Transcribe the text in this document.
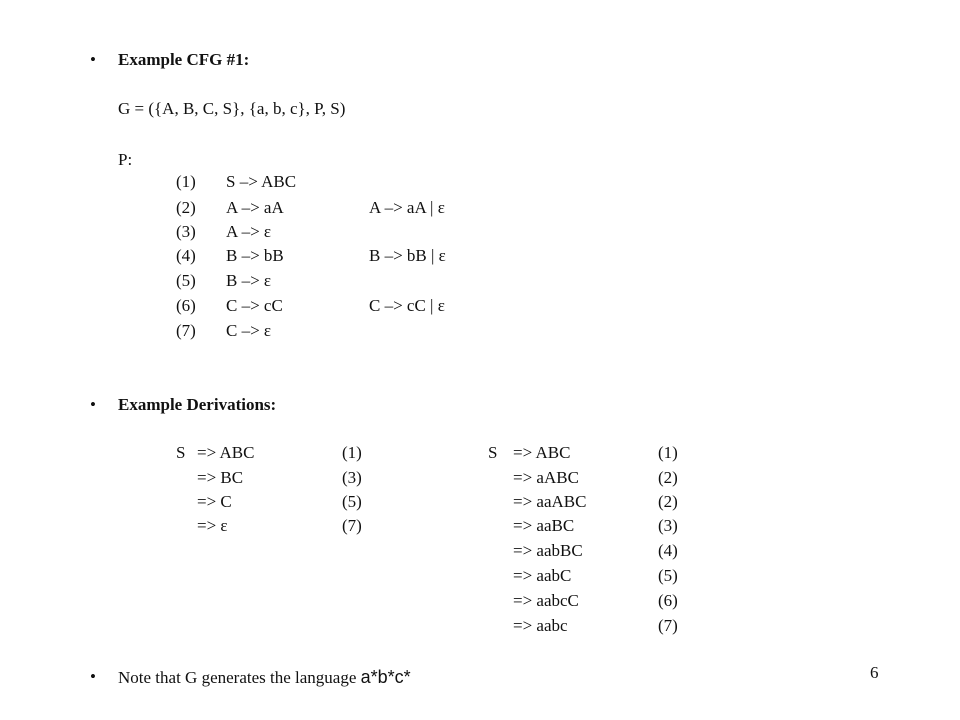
• Example CFG #1:
G = ({A, B, C, S}, {a, b, c}, P, S)
P:
(1) S –> ABC
(2) A –> aA	A –> aA | ε
(3) A –> ε
(4) B –> bB	B –> bB | ε
(5) B –> ε
(6) C –> cC	C –> cC | ε
(7) C –> ε
• Example Derivations:
S => ABC	(1)
=> BC	(3)
=> C	(5)
=> ε	(7)
S => ABC	(1)
=> aABC	(2)
=> aaABC	(2)
=> aaBC	(3)
=> aabBC	(4)
=> aabC	(5)
=> aabcC	(6)
=> aabc	(7)
• Note that G generates the language a*b*c*	6
